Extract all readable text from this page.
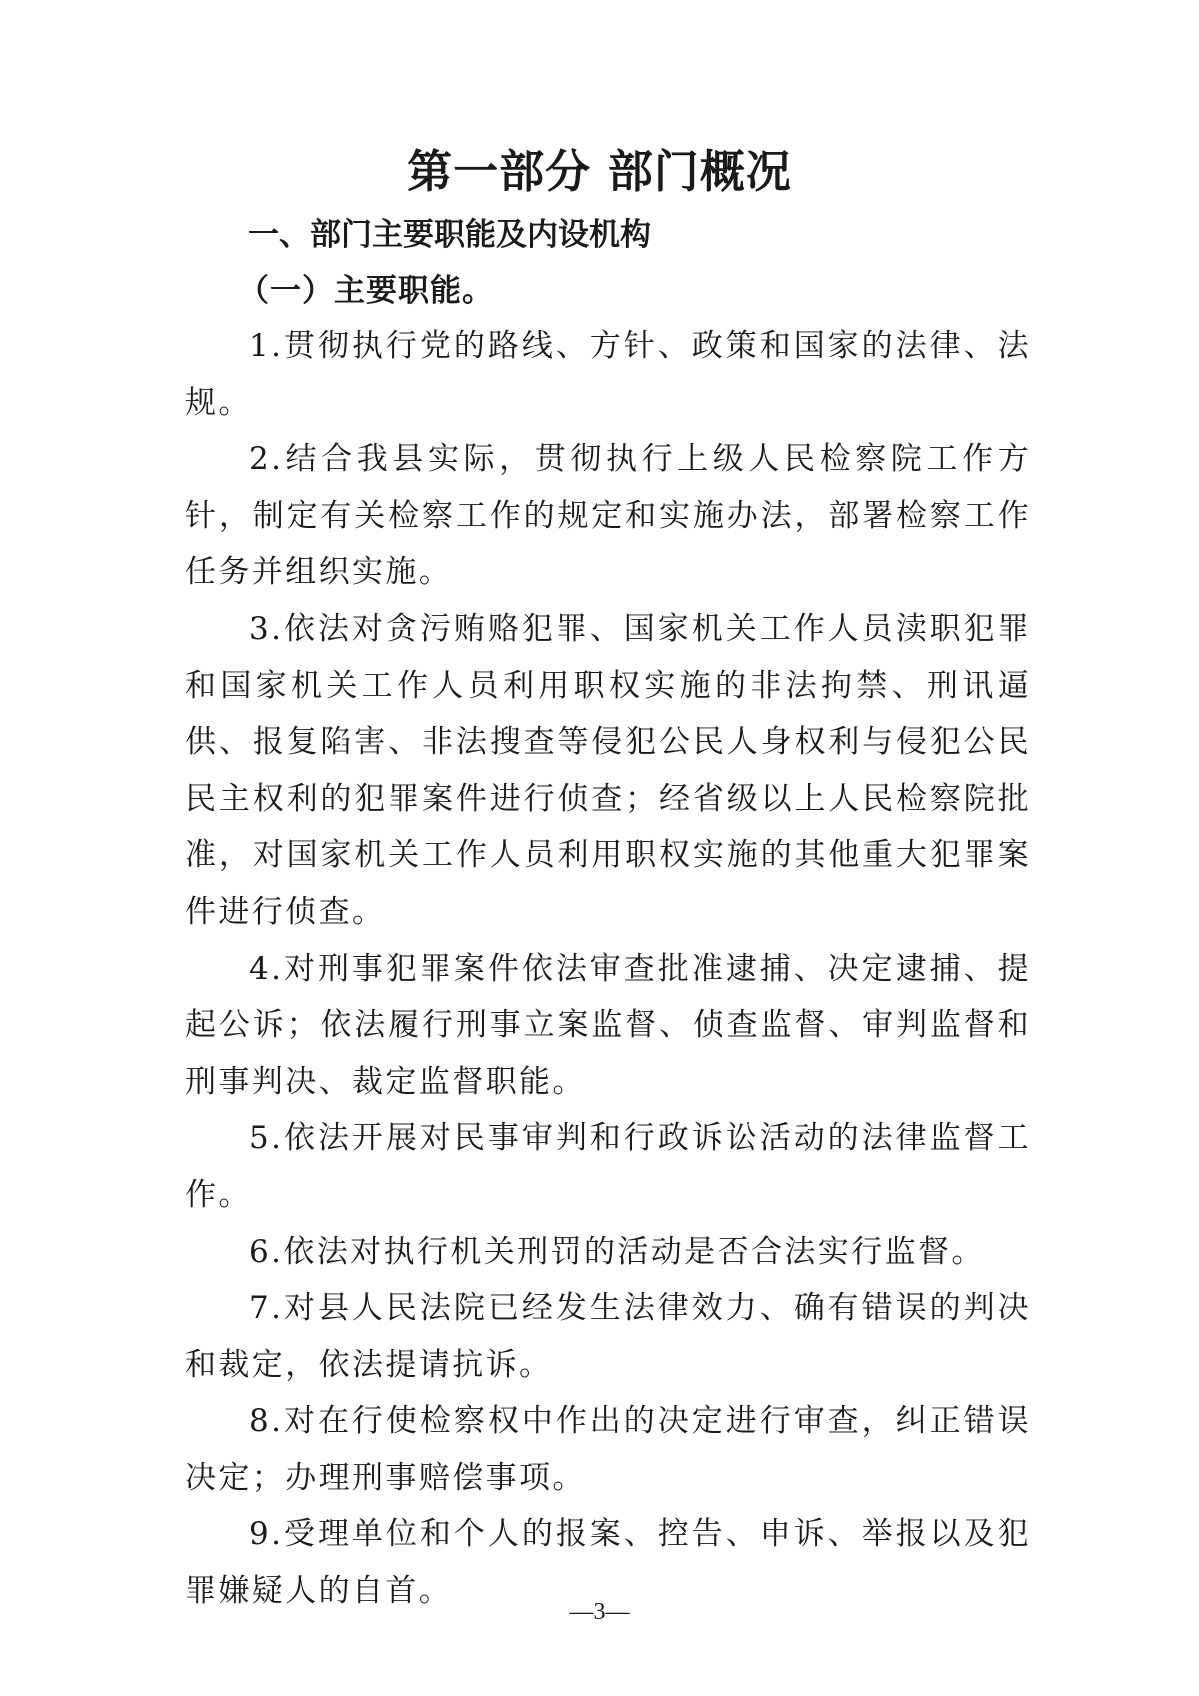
第一部分 部门概况
一、部门主要职能及内设机构
（一）主要职能。

1.贯彻执行党的路线、方针、政策和国家的法律、法规。

2.结合我县实际，贯彻执行上级人民检察院工作方针，制定有关检察工作的规定和实施办法，部署检察工作任务并组织实施。

3.依法对贪污贿赂犯罪、国家机关工作人员渎职犯罪和国家机关工作人员利用职权实施的非法拘禁、刑讯逼供、报复陷害、非法搜查等侵犯公民人身权利与侵犯公民民主权利的犯罪案件进行侦查；经省级以上人民检察院批准，对国家机关工作人员利用职权实施的其他重大犯罪案件进行侦查。

4.对刑事犯罪案件依法审查批准逮捕、决定逮捕、提起公诉；依法履行刑事立案监督、侦查监督、审判监督和刑事判决、裁定监督职能。

5.依法开展对民事审判和行政诉讼活动的法律监督工作。

6.依法对执行机关刑罚的活动是否合法实行监督。

7.对县人民法院已经发生法律效力、确有错误的判决和裁定，依法提请抗诉。

8.对在行使检察权中作出的决定进行审查，纠正错误决定；办理刑事赔偿事项。

9.受理单位和个人的报案、控告、申诉、举报以及犯罪嫌疑人的自首。

—3—
